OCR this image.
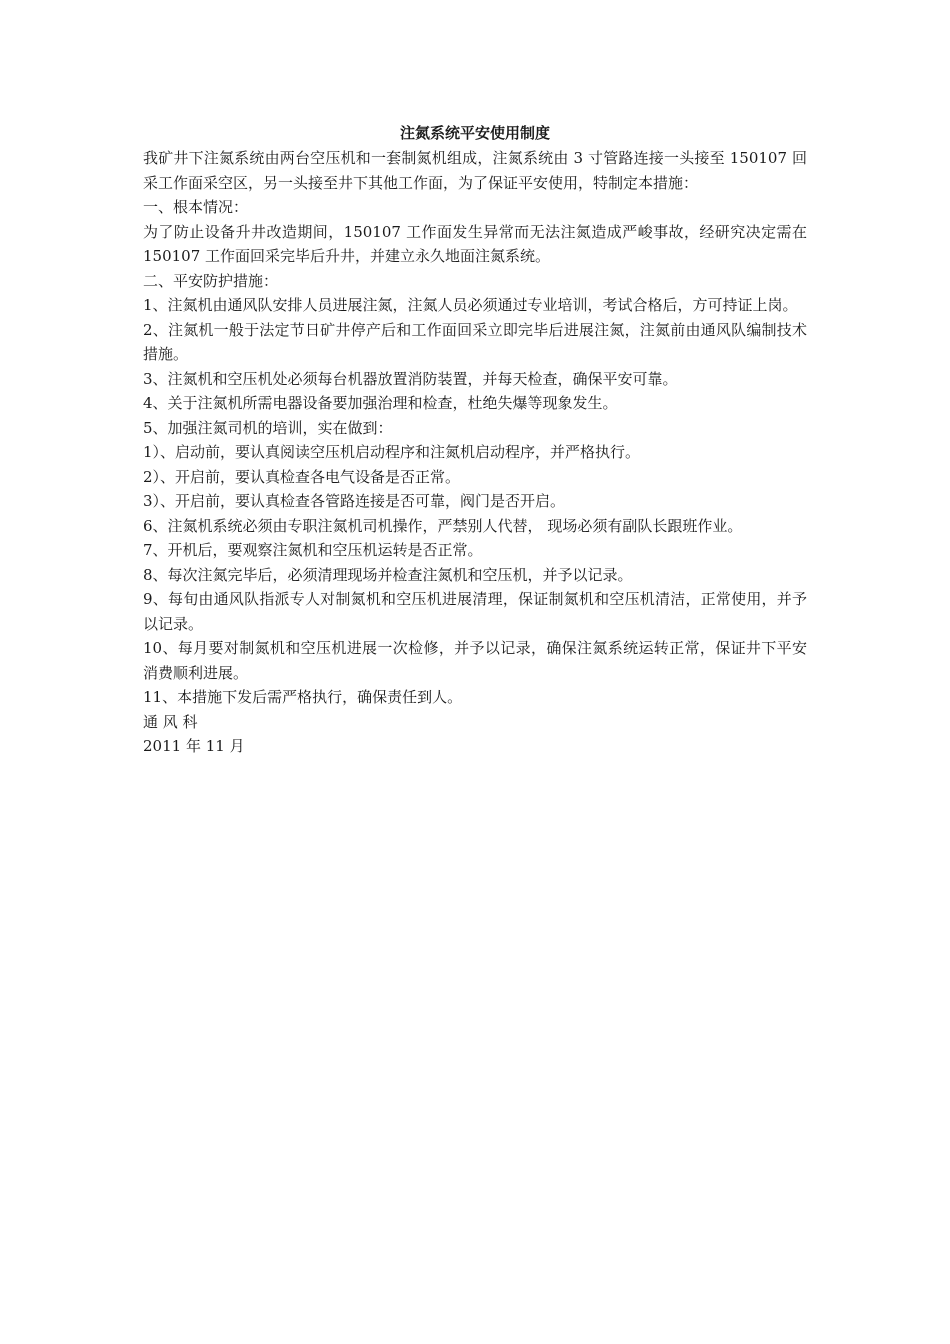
注氮系统平安使用制度

我矿井下注氮系统由两台空压机和一套制氮机组成，注氮系统由 3 寸管路连接一头接至 150107 回采工作面采空区，另一头接至井下其他工作面，为了保证平安使用，特制定本措施：

一、根本情况：

为了防止设备升井改造期间，150107 工作面发生异常而无法注氮造成严峻事故，经研究决定需在 150107 工作面回采完毕后升井，并建立永久地面注氮系统。

二、平安防护措施：

1、注氮机由通风队安排人员进展注氮，注氮人员必须通过专业培训，考试合格后，方可持证上岗。

2、注氮机一般于法定节日矿井停产后和工作面回采立即完毕后进展注氮，注氮前由通风队编制技术措施。

3、注氮机和空压机处必须每台机器放置消防装置，并每天检查，确保平安可靠。

4、关于注氮机所需电器设备要加强治理和检查，杜绝失爆等现象发生。

5、加强注氮司机的培训，实在做到：

1）、启动前，要认真阅读空压机启动程序和注氮机启动程序，并严格执行。

2）、开启前，要认真检查各电气设备是否正常。

3）、开启前，要认真检查各管路连接是否可靠，阀门是否开启。

6、注氮机系统必须由专职注氮机司机操作，严禁别人代替， 现场必须有副队长跟班作业。

7、开机后，要观察注氮机和空压机运转是否正常。

8、每次注氮完毕后，必须清理现场并检查注氮机和空压机，并予以记录。

9、每旬由通风队指派专人对制氮机和空压机进展清理，保证制氮机和空压机清洁，正常使用，并予以记录。

10、每月要对制氮机和空压机进展一次检修，并予以记录，确保注氮系统运转正常，保证井下平安消费顺利进展。

11、本措施下发后需严格执行，确保责任到人。

通 风 科

2011 年 11 月
